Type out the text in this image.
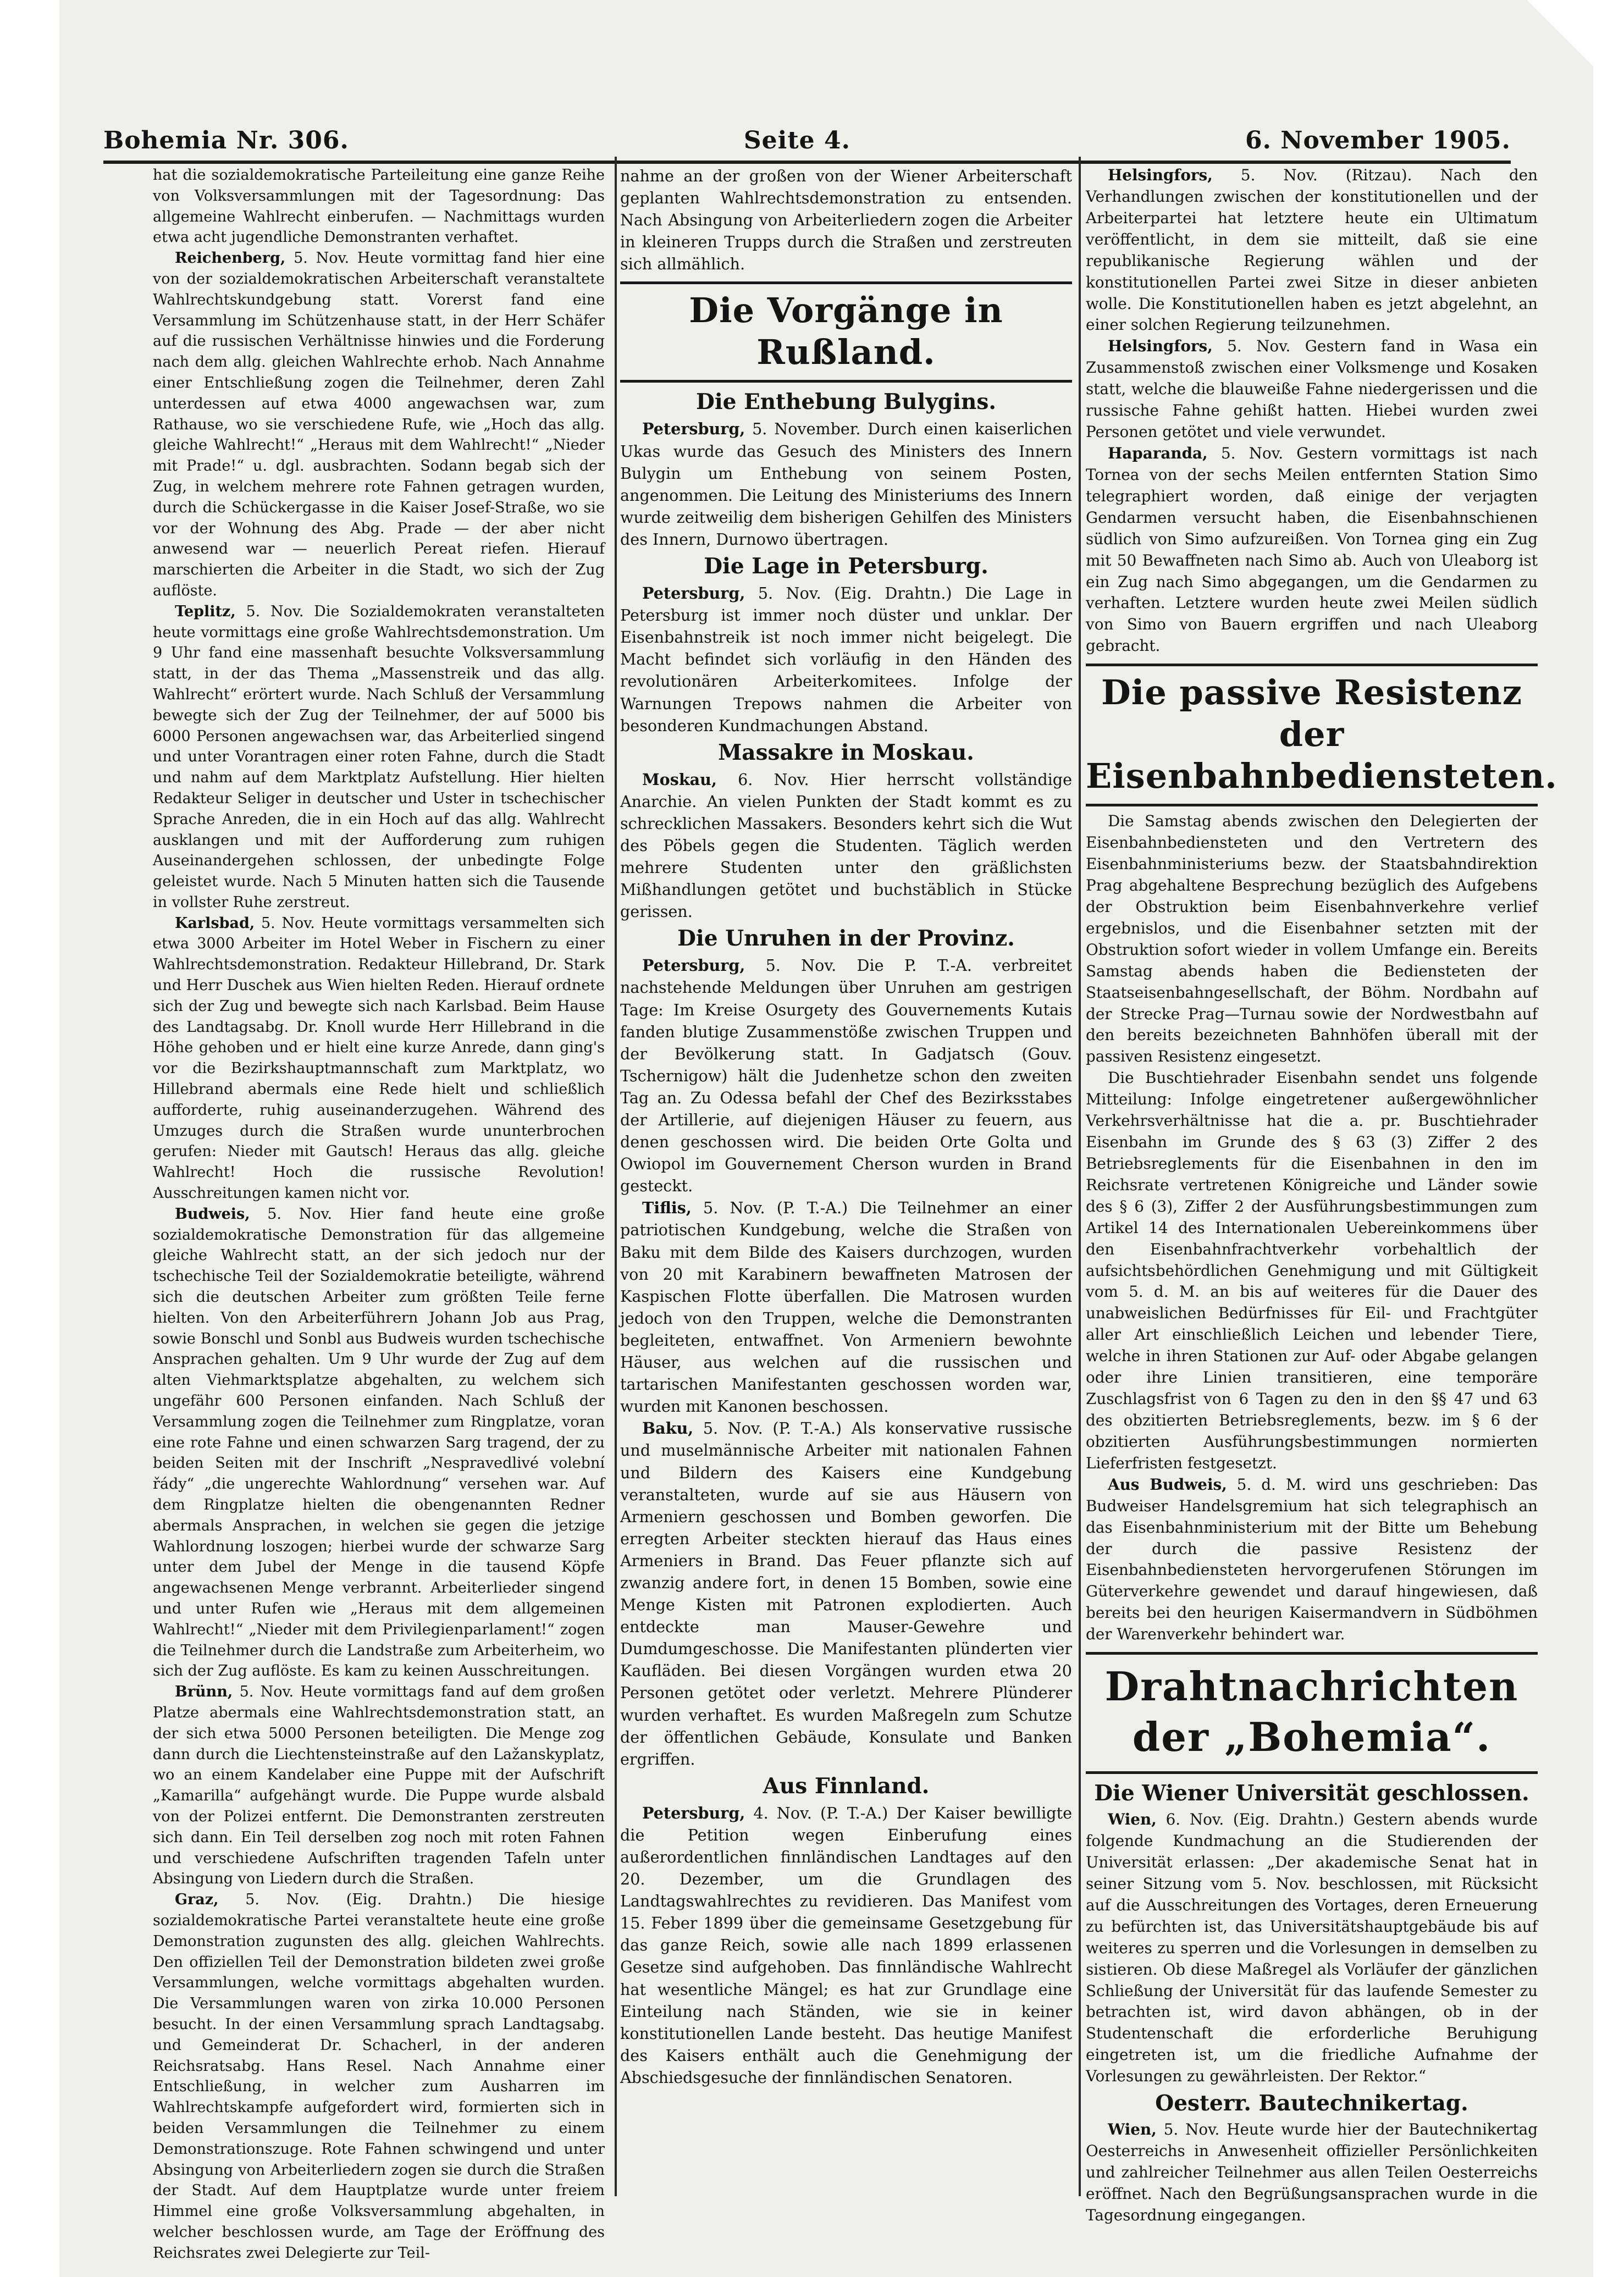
Bohemia Nr. 306.	Seite 4.	6. November 1905.

hat die sozialdemokratische Parteileitung eine ganze Reihe von Volksversammlungen mit der Tagesordnung: Das allgemeine Wahlrecht einberufen. — Nachmittags wurden etwa acht jugendliche Demonstranten verhaftet.

Reichenberg, 5. Nov. Heute vormittag fand hier eine von der sozialdemokratischen Arbeiterschaft veranstaltete Wahlrechtskundgebung statt. Vorerst fand eine Versammlung im Schützenhause statt, in der Herr Schäfer auf die russischen Verhältnisse hinwies und die Forderung nach dem allg. gleichen Wahlrechte erhob. Nach Annahme einer Entschließung zogen die Teilnehmer, deren Zahl unterdessen auf etwa 4000 angewachsen war, zum Rathause, wo sie verschiedene Rufe, wie „Hoch das allg. gleiche Wahlrecht!“ „Heraus mit dem Wahlrecht!“ „Nieder mit Prade!“ u. dgl. ausbrachten. Sodann begab sich der Zug, in welchem mehrere rote Fahnen getragen wurden, durch die Schückergasse in die Kaiser Josef-Straße, wo sie vor der Wohnung des Abg. Prade — der aber nicht anwesend war — neuerlich Pereat riefen. Hierauf marschierten die Arbeiter in die Stadt, wo sich der Zug auflöste.

Teplitz, 5. Nov. Die Sozialdemokraten veranstalteten heute vormittags eine große Wahlrechtsdemonstration. Um 9 Uhr fand eine massenhaft besuchte Volksversammlung statt, in der das Thema „Massenstreik und das allg. Wahlrecht“ erörtert wurde. Nach Schluß der Versammlung bewegte sich der Zug der Teilnehmer, der auf 5000 bis 6000 Personen angewachsen war, das Arbeiterlied singend und unter Vorantragen einer roten Fahne, durch die Stadt und nahm auf dem Marktplatz Aufstellung. Hier hielten Redakteur Seliger in deutscher und Uster in tschechischer Sprache Anreden, die in ein Hoch auf das allg. Wahlrecht ausklangen und mit der Aufforderung zum ruhigen Auseinandergehen schlossen, der unbedingte Folge geleistet wurde. Nach 5 Minuten hatten sich die Tausende in vollster Ruhe zerstreut.

Karlsbad, 5. Nov. Heute vormittags versammelten sich etwa 3000 Arbeiter im Hotel Weber in Fischern zu einer Wahlrechtsdemonstration. Redakteur Hillebrand, Dr. Stark und Herr Duschek aus Wien hielten Reden. Hierauf ordnete sich der Zug und bewegte sich nach Karlsbad. Beim Hause des Landtagsabg. Dr. Knoll wurde Herr Hillebrand in die Höhe gehoben und er hielt eine kurze Anrede, dann ging's vor die Bezirkshauptmannschaft zum Marktplatz, wo Hillebrand abermals eine Rede hielt und schließlich aufforderte, ruhig auseinanderzugehen. Während des Umzuges durch die Straßen wurde ununterbrochen gerufen: Nieder mit Gautsch! Heraus das allg. gleiche Wahlrecht! Hoch die russische Revolution! Ausschreitungen kamen nicht vor.

Budweis, 5. Nov. Hier fand heute eine große sozialdemokratische Demonstration für das allgemeine gleiche Wahlrecht statt, an der sich jedoch nur der tschechische Teil der Sozialdemokratie beteiligte, während sich die deutschen Arbeiter zum größten Teile ferne hielten. Von den Arbeiterführern Johann Job aus Prag, sowie Bonschl und Sonbl aus Budweis wurden tschechische Ansprachen gehalten. Um 9 Uhr wurde der Zug auf dem alten Viehmarktsplatze abgehalten, zu welchem sich ungefähr 600 Personen einfanden. Nach Schluß der Versammlung zogen die Teilnehmer zum Ringplatze, voran eine rote Fahne und einen schwarzen Sarg tragend, der zu beiden Seiten mit der Inschrift „Nespravedlivé volební řády“ „die ungerechte Wahlordnung“ versehen war. Auf dem Ringplatze hielten die obengenannten Redner abermals Ansprachen, in welchen sie gegen die jetzige Wahlordnung loszogen; hierbei wurde der schwarze Sarg unter dem Jubel der Menge in die tausend Köpfe angewachsenen Menge verbrannt. Arbeiterlieder singend und unter Rufen wie „Heraus mit dem allgemeinen Wahlrecht!“ „Nieder mit dem Privilegienparlament!“ zogen die Teilnehmer durch die Landstraße zum Arbeiterheim, wo sich der Zug auflöste. Es kam zu keinen Ausschreitungen.

Brünn, 5. Nov. Heute vormittags fand auf dem großen Platze abermals eine Wahlrechtsdemonstration statt, an der sich etwa 5000 Personen beteiligten. Die Menge zog dann durch die Liechtensteinstraße auf den Lažanskyplatz, wo an einem Kandelaber eine Puppe mit der Aufschrift „Kamarilla“ aufgehängt wurde. Die Puppe wurde alsbald von der Polizei entfernt. Die Demonstranten zerstreuten sich dann. Ein Teil derselben zog noch mit roten Fahnen und verschiedene Aufschriften tragenden Tafeln unter Absingung von Liedern durch die Straßen.

Graz, 5. Nov. (Eig. Drahtn.) Die hiesige sozialdemokratische Partei veranstaltete heute eine große Demonstration zugunsten des allg. gleichen Wahlrechts. Den offiziellen Teil der Demonstration bildeten zwei große Versammlungen, welche vormittags abgehalten wurden. Die Versammlungen waren von zirka 10.000 Personen besucht. In der einen Versammlung sprach Landtagsabg. und Gemeinderat Dr. Schacherl, in der anderen Reichsratsabg. Hans Resel. Nach Annahme einer Entschließung, in welcher zum Ausharren im Wahlrechtskampfe aufgefordert wird, formierten sich in beiden Versammlungen die Teilnehmer zu einem Demonstrationszuge. Rote Fahnen schwingend und unter Absingung von Arbeiterliedern zogen sie durch die Straßen der Stadt. Auf dem Hauptplatze wurde unter freiem Himmel eine große Volksversammlung abgehalten, in welcher beschlossen wurde, am Tage der Eröffnung des Reichsrates zwei Delegierte zur Teil-

nahme an der großen von der Wiener Arbeiterschaft geplanten Wahlrechtsdemonstration zu entsenden. Nach Absingung von Arbeiterliedern zogen die Arbeiter in kleineren Trupps durch die Straßen und zerstreuten sich allmählich.

Die Vorgänge in Rußland.
Die Enthebung Bulygins.

Petersburg, 5. November. Durch einen kaiserlichen Ukas wurde das Gesuch des Ministers des Innern Bulygin um Enthebung von seinem Posten, angenommen. Die Leitung des Ministeriums des Innern wurde zeitweilig dem bisherigen Gehilfen des Ministers des Innern, Durnowo übertragen.

Die Lage in Petersburg.

Petersburg, 5. Nov. (Eig. Drahtn.) Die Lage in Petersburg ist immer noch düster und unklar. Der Eisenbahnstreik ist noch immer nicht beigelegt. Die Macht befindet sich vorläufig in den Händen des revolutionären Arbeiterkomitees. Infolge der Warnungen Trepows nahmen die Arbeiter von besonderen Kundmachungen Abstand.

Massakre in Moskau.

Moskau, 6. Nov. Hier herrscht vollständige Anarchie. An vielen Punkten der Stadt kommt es zu schrecklichen Massakers. Besonders kehrt sich die Wut des Pöbels gegen die Studenten. Täglich werden mehrere Studenten unter den gräßlichsten Mißhandlungen getötet und buchstäblich in Stücke gerissen.

Die Unruhen in der Provinz.

Petersburg, 5. Nov. Die P. T.-A. verbreitet nachstehende Meldungen über Unruhen am gestrigen Tage: Im Kreise Osurgety des Gouvernements Kutais fanden blutige Zusammenstöße zwischen Truppen und der Bevölkerung statt. In Gadjatsch (Gouv. Tschernigow) hält die Judenhetze schon den zweiten Tag an. Zu Odessa befahl der Chef des Bezirksstabes der Artillerie, auf diejenigen Häuser zu feuern, aus denen geschossen wird. Die beiden Orte Golta und Owiopol im Gouvernement Cherson wurden in Brand gesteckt.

Tiflis, 5. Nov. (P. T.-A.) Die Teilnehmer an einer patriotischen Kundgebung, welche die Straßen von Baku mit dem Bilde des Kaisers durchzogen, wurden von 20 mit Karabinern bewaffneten Matrosen der Kaspischen Flotte überfallen. Die Matrosen wurden jedoch von den Truppen, welche die Demonstranten begleiteten, entwaffnet. Von Armeniern bewohnte Häuser, aus welchen auf die russischen und tartarischen Manifestanten geschossen worden war, wurden mit Kanonen beschossen.

Baku, 5. Nov. (P. T.-A.) Als konservative russische und muselmännische Arbeiter mit nationalen Fahnen und Bildern des Kaisers eine Kundgebung veranstalteten, wurde auf sie aus Häusern von Armeniern geschossen und Bomben geworfen. Die erregten Arbeiter steckten hierauf das Haus eines Armeniers in Brand. Das Feuer pflanzte sich auf zwanzig andere fort, in denen 15 Bomben, sowie eine Menge Kisten mit Patronen explodierten. Auch entdeckte man Mauser-Gewehre und Dumdumgeschosse. Die Manifestanten plünderten vier Kaufläden. Bei diesen Vorgängen wurden etwa 20 Personen getötet oder verletzt. Mehrere Plünderer wurden verhaftet. Es wurden Maßregeln zum Schutze der öffentlichen Gebäude, Konsulate und Banken ergriffen.

Aus Finnland.

Petersburg, 4. Nov. (P. T.-A.) Der Kaiser bewilligte die Petition wegen Einberufung eines außerordentlichen finnländischen Landtages auf den 20. Dezember, um die Grundlagen des Landtagswahlrechtes zu revidieren. Das Manifest vom 15. Feber 1899 über die gemeinsame Gesetzgebung für das ganze Reich, sowie alle nach 1899 erlassenen Gesetze sind aufgehoben. Das finnländische Wahlrecht hat wesentliche Mängel; es hat zur Grundlage eine Einteilung nach Ständen, wie sie in keiner konstitutionellen Lande besteht. Das heutige Manifest des Kaisers enthält auch die Genehmigung der Abschiedsgesuche der finnländischen Senatoren.

Helsingfors, 5. Nov. (Ritzau). Nach den Verhandlungen zwischen der konstitutionellen und der Arbeiterpartei hat letztere heute ein Ultimatum veröffentlicht, in dem sie mitteilt, daß sie eine republikanische Regierung wählen und der konstitutionellen Partei zwei Sitze in dieser anbieten wolle. Die Konstitutionellen haben es jetzt abgelehnt, an einer solchen Regierung teilzunehmen.

Helsingfors, 5. Nov. Gestern fand in Wasa ein Zusammenstoß zwischen einer Volksmenge und Kosaken statt, welche die blauweiße Fahne niedergerissen und die russische Fahne gehißt hatten. Hiebei wurden zwei Personen getötet und viele verwundet.

Haparanda, 5. Nov. Gestern vormittags ist nach Tornea von der sechs Meilen entfernten Station Simo telegraphiert worden, daß einige der verjagten Gendarmen versucht haben, die Eisenbahnschienen südlich von Simo aufzureißen. Von Tornea ging ein Zug mit 50 Bewaffneten nach Simo ab. Auch von Uleaborg ist ein Zug nach Simo abgegangen, um die Gendarmen zu verhaften. Letztere wurden heute zwei Meilen südlich von Simo von Bauern ergriffen und nach Uleaborg gebracht.

Die passive Resistenz der Eisenbahnbediensteten.

Die Samstag abends zwischen den Delegierten der Eisenbahnbediensteten und den Vertretern des Eisenbahnministeriums bezw. der Staatsbahndirektion Prag abgehaltene Besprechung bezüglich des Aufgebens der Obstruktion beim Eisenbahnverkehre verlief ergebnislos, und die Eisenbahner setzten mit der Obstruktion sofort wieder in vollem Umfange ein. Bereits Samstag abends haben die Bediensteten der Staatseisenbahngesellschaft, der Böhm. Nordbahn auf der Strecke Prag—Turnau sowie der Nordwestbahn auf den bereits bezeichneten Bahnhöfen überall mit der passiven Resistenz eingesetzt.

Die Buschtiehrader Eisenbahn sendet uns folgende Mitteilung: Infolge eingetretener außergewöhnlicher Verkehrsverhältnisse hat die a. pr. Buschtiehrader Eisenbahn im Grunde des § 63 (3) Ziffer 2 des Betriebsreglements für die Eisenbahnen in den im Reichsrate vertretenen Königreiche und Länder sowie des § 6 (3), Ziffer 2 der Ausführungsbestimmungen zum Artikel 14 des Internationalen Uebereinkommens über den Eisenbahnfrachtverkehr vorbehaltlich der aufsichtsbehördlichen Genehmigung und mit Gültigkeit vom 5. d. M. an bis auf weiteres für die Dauer des unabweislichen Bedürfnisses für Eil- und Frachtgüter aller Art einschließlich Leichen und lebender Tiere, welche in ihren Stationen zur Auf- oder Abgabe gelangen oder ihre Linien transitieren, eine temporäre Zuschlagsfrist von 6 Tagen zu den in den §§ 47 und 63 des obzitierten Betriebsreglements, bezw. im § 6 der obzitierten Ausführungsbestimmungen normierten Lieferfristen festgesetzt.

Aus Budweis, 5. d. M. wird uns geschrieben: Das Budweiser Handelsgremium hat sich telegraphisch an das Eisenbahnministerium mit der Bitte um Behebung der durch die passive Resistenz der Eisenbahnbediensteten hervorgerufenen Störungen im Güterverkehre gewendet und darauf hingewiesen, daß bereits bei den heurigen Kaisermandvern in Südböhmen der Warenverkehr behindert war.

Drahtnachrichten der „Bohemia“.
Die Wiener Universität geschlossen.

Wien, 6. Nov. (Eig. Drahtn.) Gestern abends wurde folgende Kundmachung an die Studierenden der Universität erlassen: „Der akademische Senat hat in seiner Sitzung vom 5. Nov. beschlossen, mit Rücksicht auf die Ausschreitungen des Vortages, deren Erneuerung zu befürchten ist, das Universitätshauptgebäude bis auf weiteres zu sperren und die Vorlesungen in demselben zu sistieren. Ob diese Maßregel als Vorläufer der gänzlichen Schließung der Universität für das laufende Semester zu betrachten ist, wird davon abhängen, ob in der Studentenschaft die erforderliche Beruhigung eingetreten ist, um die friedliche Aufnahme der Vorlesungen zu gewährleisten. Der Rektor.“

Oesterr. Bautechnikertag.

Wien, 5. Nov. Heute wurde hier der Bautechnikertag Oesterreichs in Anwesenheit offizieller Persönlichkeiten und zahlreicher Teilnehmer aus allen Teilen Oesterreichs eröffnet. Nach den Begrüßungsansprachen wurde in die Tagesordnung eingegangen.
